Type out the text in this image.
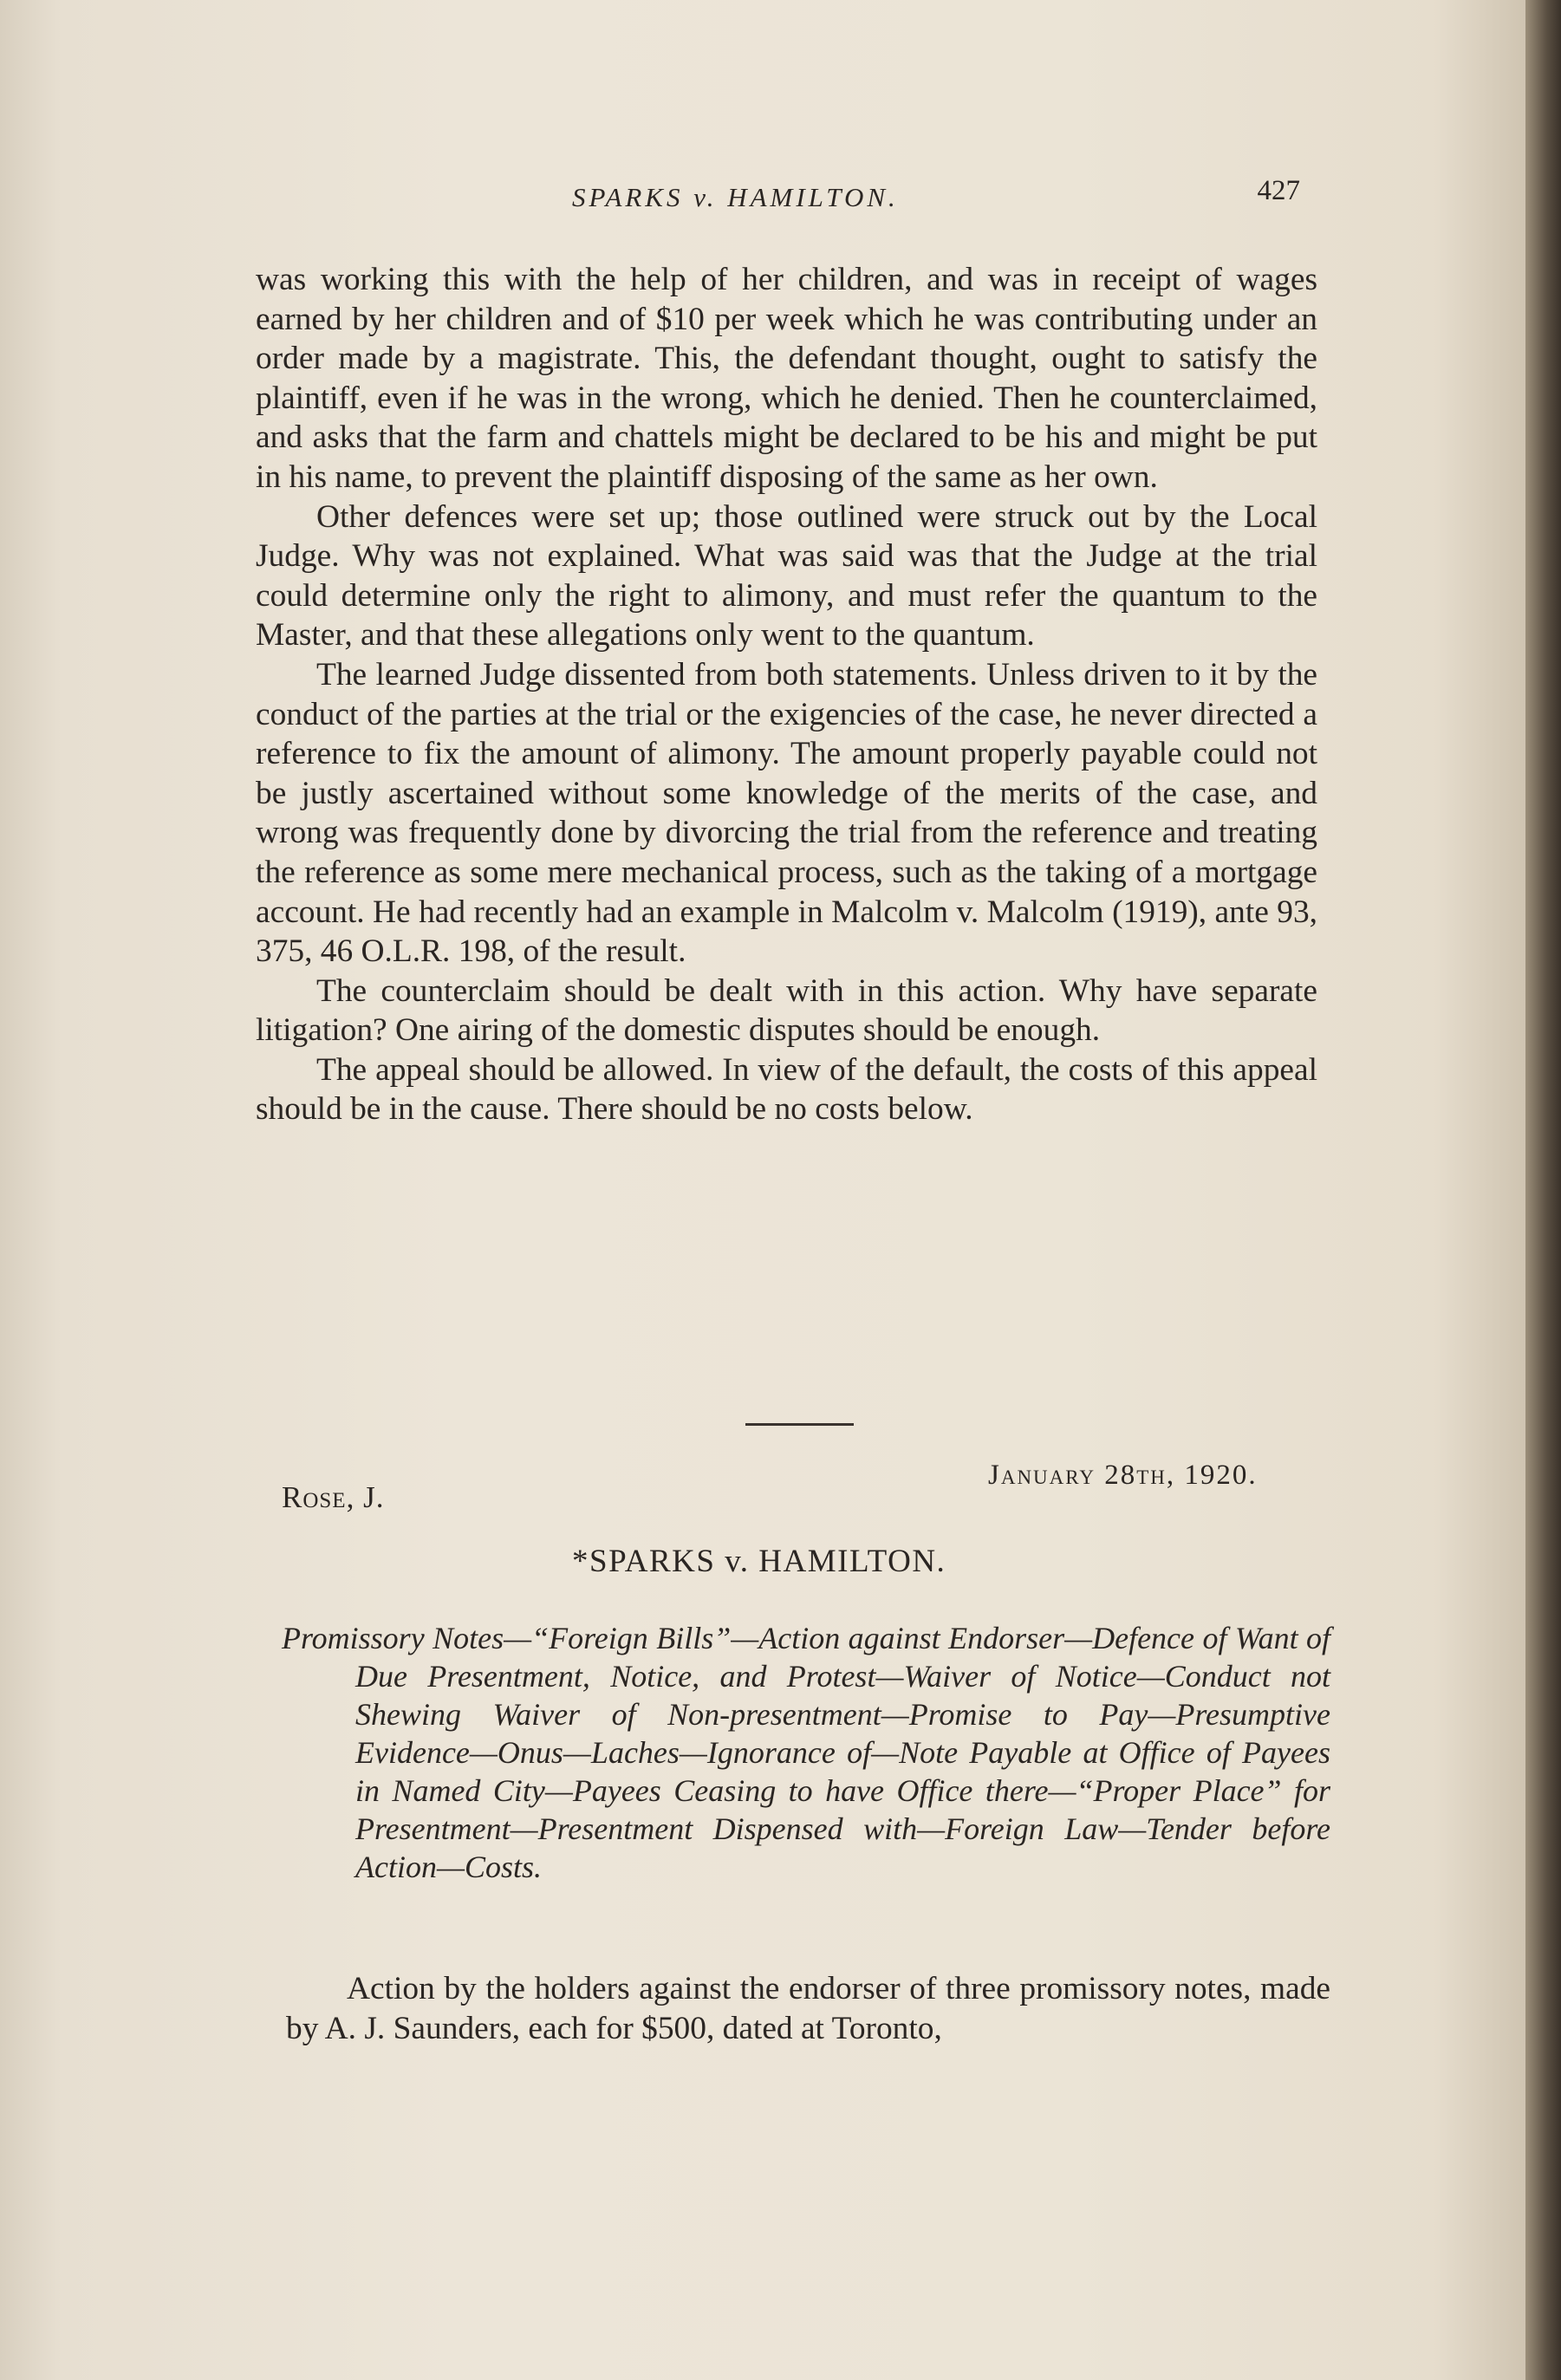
SPARKS v. HAMILTON.	427

was working this with the help of her children, and was in receipt of wages earned by her children and of $10 per week which he was contributing under an order made by a magistrate. This, the defendant thought, ought to satisfy the plaintiff, even if he was in the wrong, which he denied. Then he counterclaimed, and asks that the farm and chattels might be declared to be his and might be put in his name, to prevent the plaintiff disposing of the same as her own.

Other defences were set up; those outlined were struck out by the Local Judge. Why was not explained. What was said was that the Judge at the trial could determine only the right to alimony, and must refer the quantum to the Master, and that these allegations only went to the quantum.

The learned Judge dissented from both statements. Unless driven to it by the conduct of the parties at the trial or the exigencies of the case, he never directed a reference to fix the amount of alimony. The amount properly payable could not be justly ascertained without some knowledge of the merits of the case, and wrong was frequently done by divorcing the trial from the reference and treating the reference as some mere mechanical process, such as the taking of a mortgage account. He had recently had an example in Malcolm v. Malcolm (1919), ante 93, 375, 46 O.L.R. 198, of the result.

The counterclaim should be dealt with in this action. Why have separate litigation? One airing of the domestic disputes should be enough.

The appeal should be allowed. In view of the default, the costs of this appeal should be in the cause. There should be no costs below.

Rose, J.
January 28th, 1920.
*SPARKS v. HAMILTON.
Promissory Notes—“Foreign Bills”—Action against Endorser—Defence of Want of Due Presentment, Notice, and Protest—Waiver of Notice—Conduct not Shewing Waiver of Non-presentment—Promise to Pay—Presumptive Evidence—Onus—Laches—Ignorance of—Note Payable at Office of Payees in Named City—Payees Ceasing to have Office there—“Proper Place” for Presentment—Presentment Dispensed with—Foreign Law—Tender before Action—Costs.
Action by the holders against the endorser of three promissory notes, made by A. J. Saunders, each for $500, dated at Toronto,
